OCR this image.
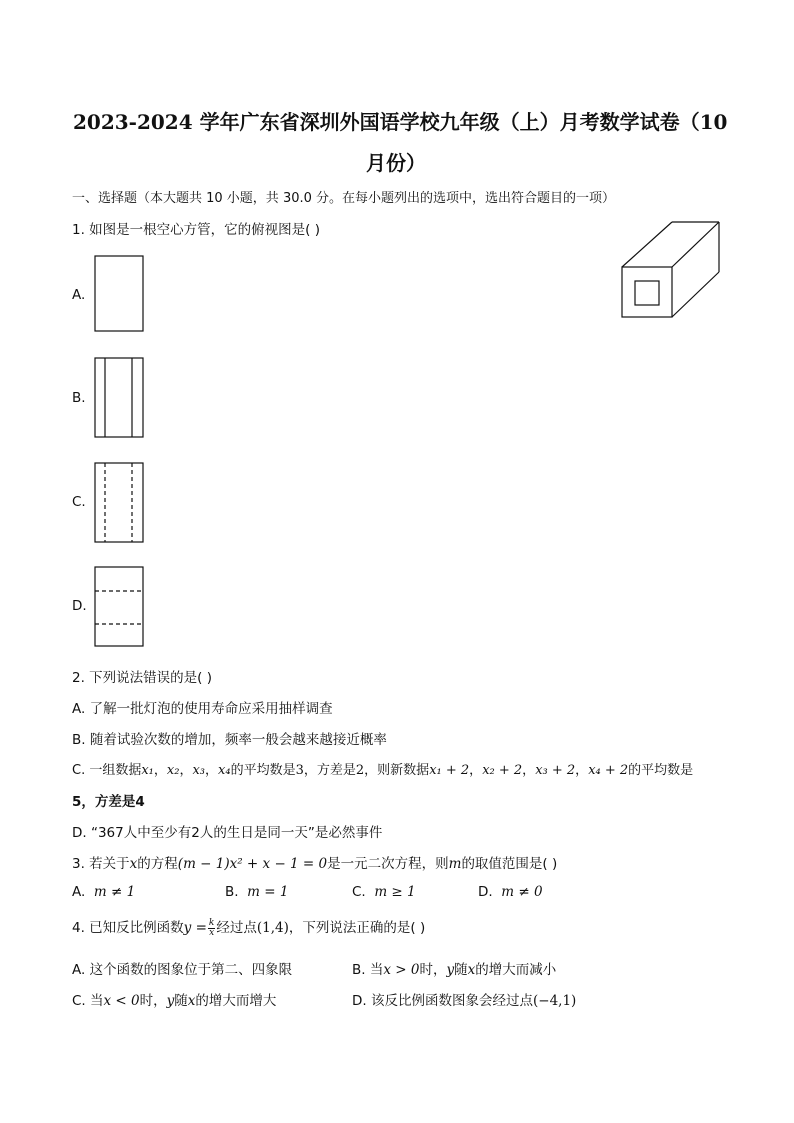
2023-2024 学年广东省深圳外国语学校九年级（上）月考数学试卷（10
月份）
一、选择题（本大题共 10 小题，共 30.0 分。在每小题列出的选项中，选出符合题目的一项）
1. 如图是一根空心方管，它的俯视图是( )
A.
B.
C.
D.
2. 下列说法错误的是( )
A. 了解一批灯泡的使用寿命应采用抽样调查
B. 随着试验次数的增加，频率一般会越来越接近概率
C. 一组数据x₁，x₂，x₃，x₄的平均数是3，方差是2，则新数据x₁ + 2，x₂ + 2，x₃ + 2，x₄ + 2的平均数是
5，方差是4
D. “367人中至少有2人的生日是同一天”是必然事件
3. 若关于x的方程(m − 1)x² + x − 1 = 0是一元二次方程，则m的取值范围是( )
A. m ≠ 1	B. m = 1	C. m ≥ 1	D. m ≠ 0
4. 已知反比例函数$y = \frac{k}{x}$ 经过点(1,4)，下列说法正确的是( )
A. 这个函数的图象位于第二、四象限	B. 当x > 0时，y随x的增大而减小
C. 当x < 0时，y随x的增大而增大	D. 该反比例函数图象会经过点(−4,1)
